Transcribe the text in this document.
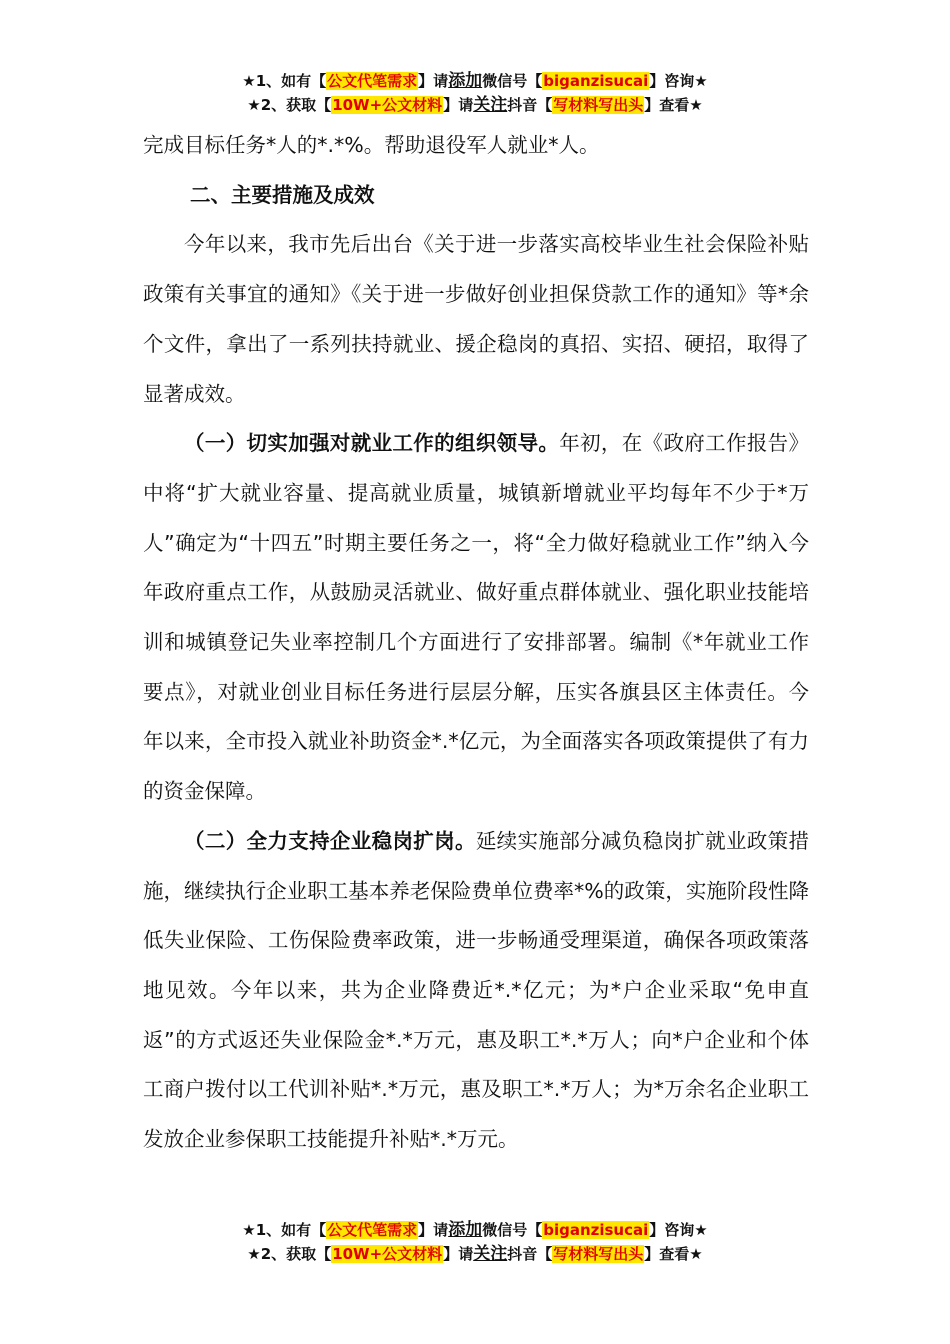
★1、如有【公文代笔需求】请添加微信号【biganzisucai】咨询★
★2、获取【10W+公文材料】请关注抖音【写材料写出头】查看★

完成目标任务*人的*.*%。帮助退役军人就业*人。

二、主要措施及成效

今年以来，我市先后出台《关于进一步落实高校毕业生社会保险补贴政策有关事宜的通知》《关于进一步做好创业担保贷款工作的通知》等*余个文件，拿出了一系列扶持就业、援企稳岗的真招、实招、硬招，取得了显著成效。

（一）切实加强对就业工作的组织领导。年初，在《政府工作报告》中将“扩大就业容量、提高就业质量，城镇新增就业平均每年不少于*万人”确定为“十四五”时期主要任务之一，将“全力做好稳就业工作”纳入今年政府重点工作，从鼓励灵活就业、做好重点群体就业、强化职业技能培训和城镇登记失业率控制几个方面进行了安排部署。编制《*年就业工作要点》，对就业创业目标任务进行层层分解，压实各旗县区主体责任。今年以来，全市投入就业补助资金*.*亿元，为全面落实各项政策提供了有力的资金保障。

（二）全力支持企业稳岗扩岗。延续实施部分减负稳岗扩就业政策措施，继续执行企业职工基本养老保险费单位费率*%的政策，实施阶段性降低失业保险、工伤保险费率政策，进一步畅通受理渠道，确保各项政策落地见效。今年以来，共为企业降费近*.*亿元；为*户企业采取“免申直返”的方式返还失业保险金*.*万元，惠及职工*.*万人；向*户企业和个体工商户拨付以工代训补贴*.*万元，惠及职工*.*万人；为*万余名企业职工发放企业参保职工技能提升补贴*.*万元。

★1、如有【公文代笔需求】请添加微信号【biganzisucai】咨询★
★2、获取【10W+公文材料】请关注抖音【写材料写出头】查看★
